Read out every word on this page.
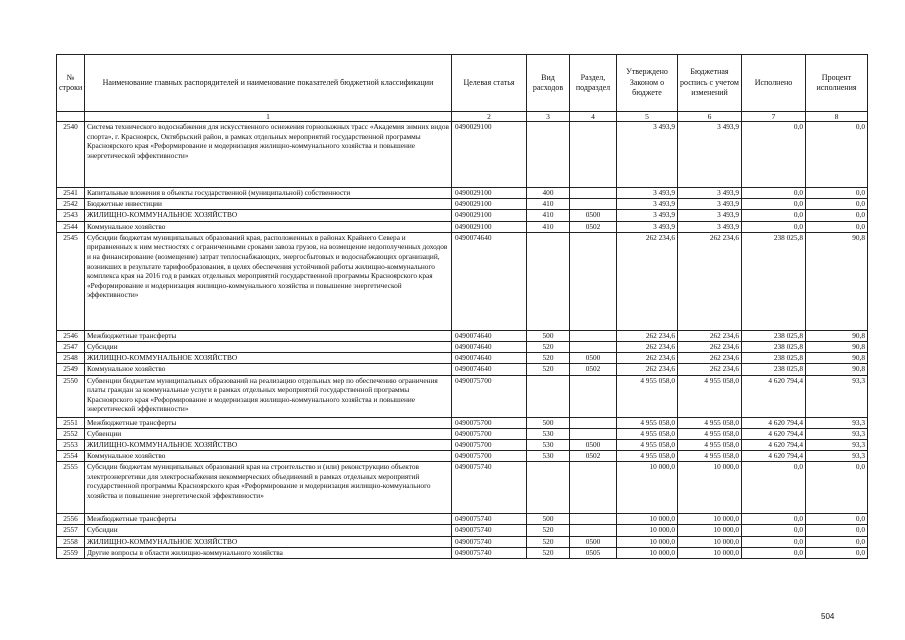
№ строки	Наименование главных распорядителей и наименование показателей бюджетной классификации	Целевая статья	Вид расходов	Раздел, подраздел	Утверждено Законом о бюджете	Бюджетная роспись с учетом изменений	Исполнено	Процент исполнения
	1	2	3	4	5	6	7	8
2540	Система технического водоснабжения для искусственного оснежения горнолыжных трасс «Академия зимних видов спорта», г. Красноярск, Октябрьский район, в рамках отдельных мероприятий государственной программы Красноярского края «Реформирование и модернизация жилищно-коммунального хозяйства и повышение энергетической эффективности»	0490029100			3 493,9	3 493,9	0,0	0,0
2541	Капитальные вложения в объекты государственной (муниципальной) собственности	0490029100	400		3 493,9	3 493,9	0,0	0,0
2542	Бюджетные инвестиции	0490029100	410		3 493,9	3 493,9	0,0	0,0
2543	ЖИЛИЩНО-КОММУНАЛЬНОЕ ХОЗЯЙСТВО	0490029100	410	0500	3 493,9	3 493,9	0,0	0,0
2544	Коммунальное хозяйство	0490029100	410	0502	3 493,9	3 493,9	0,0	0,0
2545	Субсидии бюджетам муниципальных образований края, расположенных в районах Крайнего Севера и приравненных к ним местностях с ограниченными сроками завоза грузов, на возмещение недополученных доходов и на финансирование (возмещение) затрат теплоснабжающих, энергосбытовых и водоснабжающих организаций, возникших в результате тарифообразования, в целях обеспечения устойчивой работы жилищно-коммунального комплекса края на 2016 год в рамках отдельных мероприятий государственной программы Красноярского края «Реформирование и модернизация жилищно-коммунального хозяйства и повышение энергетической эффективности»	0490074640			262 234,6	262 234,6	238 025,8	90,8
2546	Межбюджетные трансферты	0490074640	500		262 234,6	262 234,6	238 025,8	90,8
2547	Субсидии	0490074640	520		262 234,6	262 234,6	238 025,8	90,8
2548	ЖИЛИЩНО-КОММУНАЛЬНОЕ ХОЗЯЙСТВО	0490074640	520	0500	262 234,6	262 234,6	238 025,8	90,8
2549	Коммунальное хозяйство	0490074640	520	0502	262 234,6	262 234,6	238 025,8	90,8
2550	Субвенции бюджетам муниципальных образований на реализацию отдельных мер по обеспечению ограничения платы граждан за коммунальные услуги в рамках отдельных мероприятий государственной программы Красноярского края «Реформирование и модернизация жилищно-коммунального хозяйства и повышение энергетической эффективности»	0490075700			4 955 058,0	4 955 058,0	4 620 794,4	93,3
2551	Межбюджетные трансферты	0490075700	500		4 955 058,0	4 955 058,0	4 620 794,4	93,3
2552	Субвенции	0490075700	530		4 955 058,0	4 955 058,0	4 620 794,4	93,3
2553	ЖИЛИЩНО-КОММУНАЛЬНОЕ ХОЗЯЙСТВО	0490075700	530	0500	4 955 058,0	4 955 058,0	4 620 794,4	93,3
2554	Коммунальное хозяйство	0490075700	530	0502	4 955 058,0	4 955 058,0	4 620 794,4	93,3
2555	Субсидии бюджетам муниципальных образований края на строительство и (или) реконструкцию объектов электроэнергетики для электроснабжения некоммерческих объединений в рамках отдельных мероприятий государственной программы Красноярского края «Реформирование и модернизация жилищно-коммунального хозяйства и повышение энергетической эффективности»	0490075740			10 000,0	10 000,0	0,0	0,0
2556	Межбюджетные трансферты	0490075740	500		10 000,0	10 000,0	0,0	0,0
2557	Субсидии	0490075740	520		10 000,0	10 000,0	0,0	0,0
2558	ЖИЛИЩНО-КОММУНАЛЬНОЕ ХОЗЯЙСТВО	0490075740	520	0500	10 000,0	10 000,0	0,0	0,0
2559	Другие вопросы в области жилищно-коммунального хозяйства	0490075740	520	0505	10 000,0	10 000,0	0,0	0,0
504
